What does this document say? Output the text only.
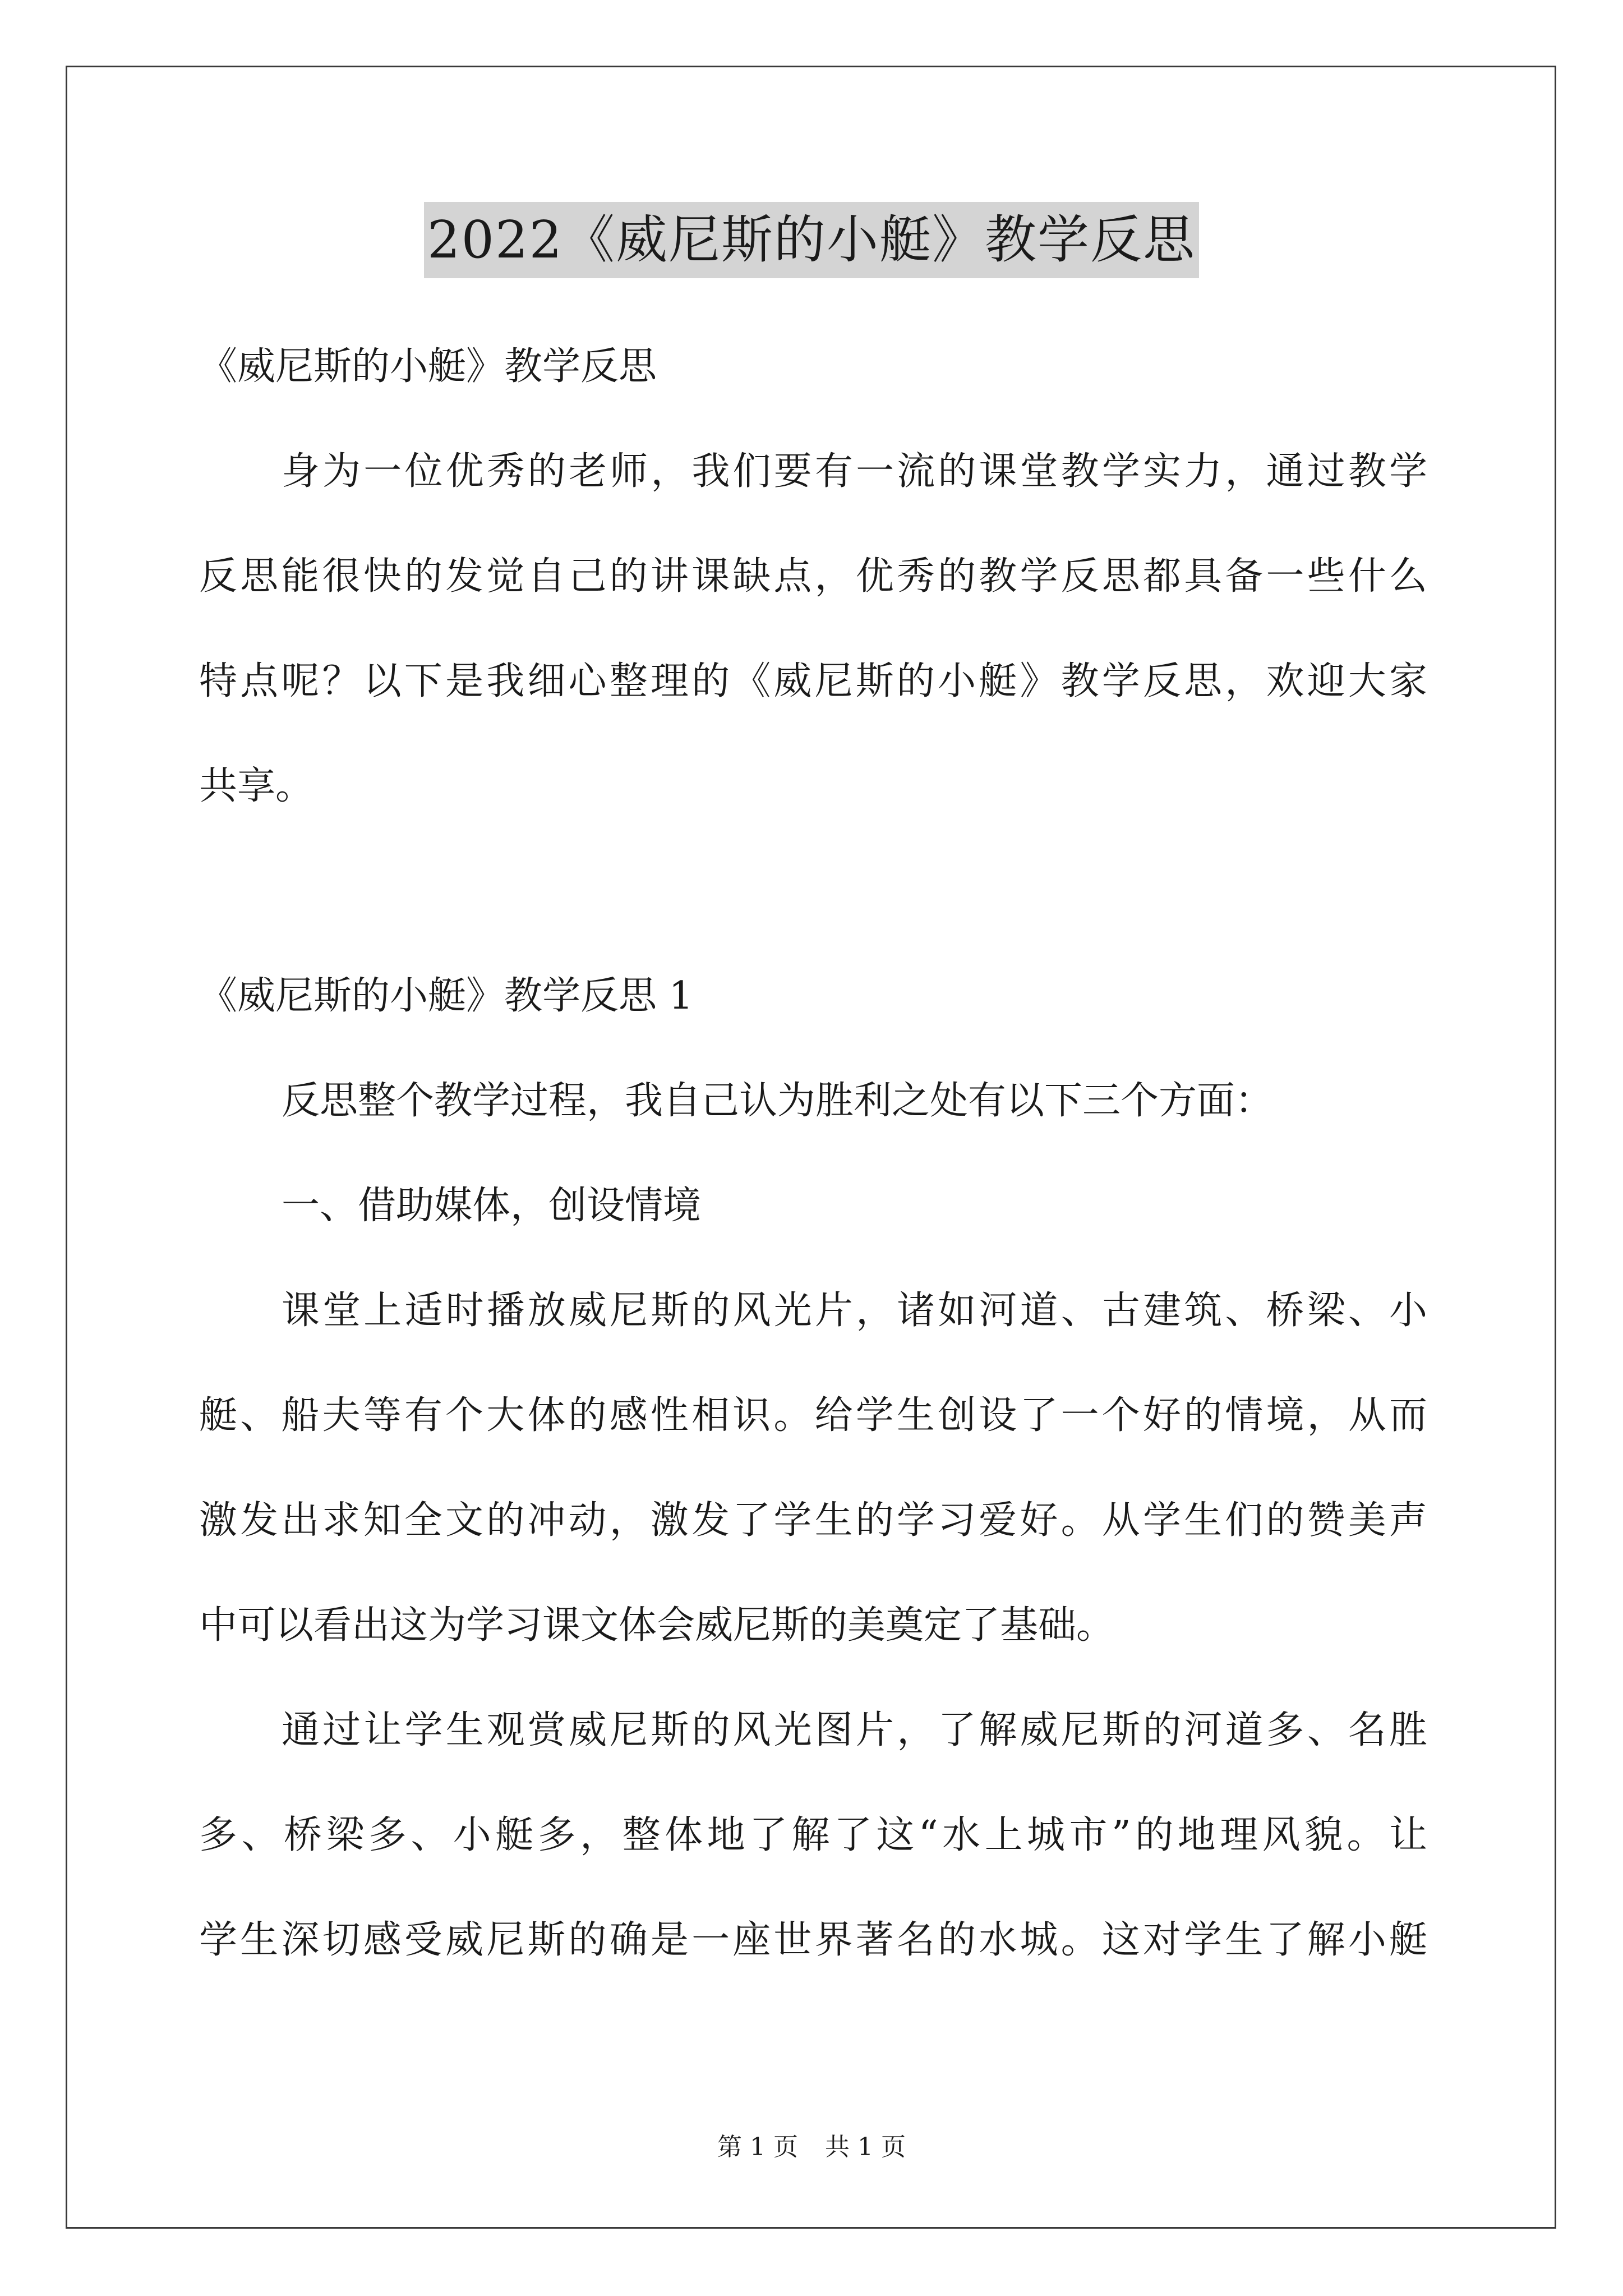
2022《威尼斯的小艇》教学反思

《威尼斯的小艇》教学反思

身为一位优秀的老师，我们要有一流的课堂教学实力，通过教学

反思能很快的发觉自己的讲课缺点，优秀的教学反思都具备一些什么

特点呢？以下是我细心整理的《威尼斯的小艇》教学反思，欢迎大家

共享。

《威尼斯的小艇》教学反思 1

反思整个教学过程，我自己认为胜利之处有以下三个方面：

一、借助媒体，创设情境

课堂上适时播放威尼斯的风光片，诸如河道、古建筑、桥梁、小

艇、船夫等有个大体的感性相识。给学生创设了一个好的情境，从而

激发出求知全文的冲动，激发了学生的学习爱好。从学生们的赞美声

中可以看出这为学习课文体会威尼斯的美奠定了基础。

通过让学生观赏威尼斯的风光图片，了解威尼斯的河道多、名胜

多、桥梁多、小艇多，整体地了解了这“水上城市”的地理风貌。让

学生深切感受威尼斯的确是一座世界著名的水城。这对学生了解小艇

第 1 页 共 1 页
